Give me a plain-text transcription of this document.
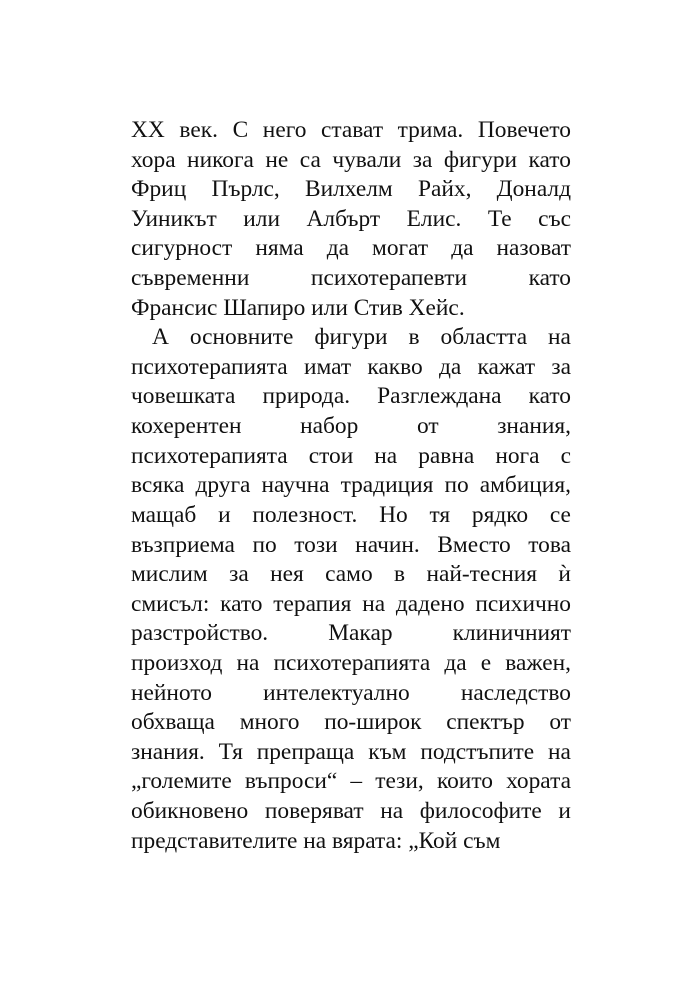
XX век. С него стават трима. Повечето
хора никога не са чували за фигури като
Фриц Пърлс, Вилхелм Райх, Доналд
Уиникът или Албърт Елис. Те със
сигурност няма да могат да назоват
съвременни	психотерапевти	като
Франсис Шапиро или Стив Хейс.
А основните фигури в областта на
психотерапията имат какво да кажат за
човешката природа. Разглеждана като
кохерентен	набор	от	знания,
психотерапията стои на равна нога с
всяка друга научна традиция по амбиция,
мащаб и полезност. Но тя рядко се
възприема по този начин. Вместо това
мислим за нея само в най-тесния ѝ
смисъл: като терапия на дадено психично
разстройство.	Макар	клиничният
произход на психотерапията да е важен,
нейното интелектуално наследство
обхваща много по-широк спектър от
знания. Тя препраща към подстъпите на
„големите въпроси“ – тези, които хората
обикновено поверяват на философите и
представителите на вярата: „Кой съм
